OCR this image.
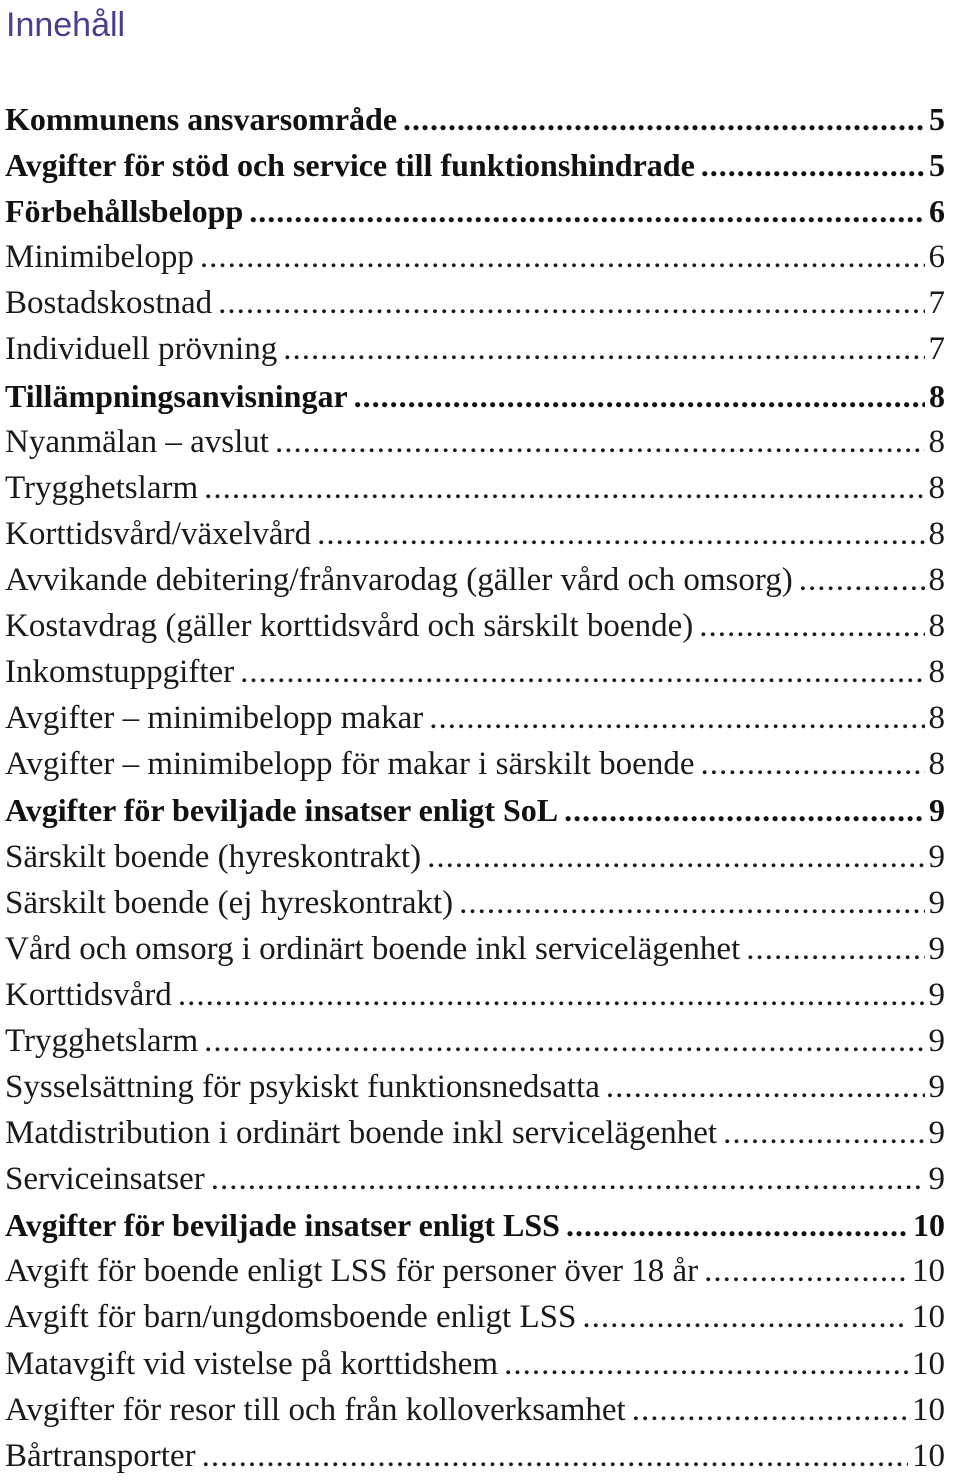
Innehåll
Kommunens ansvarsområde .....	5
Avgifter för stöd och service till funktionshindrade .....	5
Förbehållsbelopp .....	6
Minimibelopp .....	6
Bostadskostnad .....	7
Individuell prövning .....	7
Tillämpningsanvisningar .....	8
Nyanmälan – avslut .....	8
Trygghetslarm .....	8
Korttidsvård/växelvård .....	8
Avvikande debitering/frånvarodag (gäller vård och omsorg) .....	8
Kostavdrag (gäller korttidsvård och särskilt boende) .....	8
Inkomstuppgifter .....	8
Avgifter – minimibelopp makar .....	8
Avgifter – minimibelopp för makar i särskilt boende .....	8
Avgifter för beviljade insatser enligt SoL .....	9
Särskilt boende (hyreskontrakt) .....	9
Särskilt boende (ej hyreskontrakt) .....	9
Vård och omsorg i ordinärt boende inkl servicelägenhet .....	9
Korttidsvård .....	9
Trygghetslarm .....	9
Sysselsättning för psykiskt funktionsnedsatta .....	9
Matdistribution i ordinärt boende inkl servicelägenhet .....	9
Serviceinsatser .....	9
Avgifter för beviljade insatser enligt LSS .....	10
Avgift för boende enligt LSS för personer över 18 år .....	10
Avgift för barn/ungdomsboende enligt LSS .....	10
Matavgift vid vistelse på korttidshem .....	10
Avgifter för resor till och från kolloverksamhet .....	10
Bårtransporter .....	10
